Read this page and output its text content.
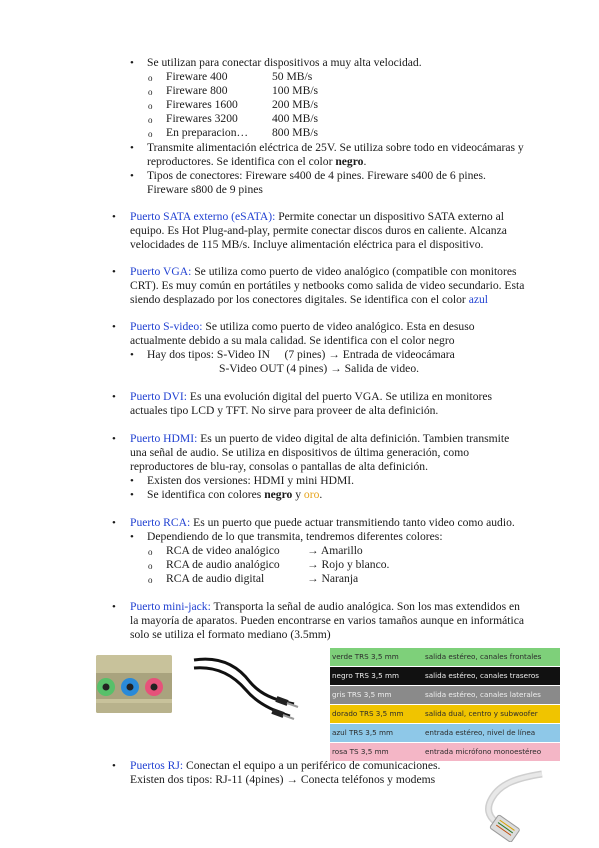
• Se utilizan para conectar dispositivos a muy alta velocidad.
o Fireware 400	50 MB/s
o Fireware 800	100 MB/s
o Firewares 1600	200 MB/s
o Firewares 3200	400 MB/s
o En preparacion… 800 MB/s
• Transmite alimentación eléctrica de 25V. Se utiliza sobre todo en videocámaras y
reproductores. Se identifica con el color negro.
• Tipos de conectores: Fireware s400 de 4 pines. Fireware s400 de 6 pines.
Fireware s800 de 9 pines
• Puerto SATA externo (eSATA): Permite conectar un dispositivo SATA externo al
equipo. Es Hot Plug-and-play, permite conectar discos duros en caliente. Alcanza
velocidades de 115 MB/s. Incluye alimentación eléctrica para el dispositivo.
• Puerto VGA: Se utiliza como puerto de video analógico (compatible con monitores
CRT). Es muy común en portátiles y netbooks como salida de video secundario. Esta
siendo desplazado por los conectores digitales. Se identifica con el color azul
• Puerto S-video: Se utiliza como puerto de video analógico. Esta en desuso
actualmente debido a su mala calidad. Se identifica con el color negro
• Hay dos tipos: S-Video IN     (7 pines) → Entrada de videocámara
S-Video OUT (4 pines) → Salida de video.
• Puerto DVI: Es una evolución digital del puerto VGA. Se utiliza en monitores
actuales tipo LCD y TFT. No sirve para proveer de alta definición.
• Puerto HDMI: Es un puerto de video digital de alta definición. Tambien transmite
una señal de audio. Se utiliza en dispositivos de última generación, como
reproductores de blu-ray, consolas o pantallas de alta definición.
• Existen dos versiones: HDMI y mini HDMI.
• Se identifica con colores negro y oro.
• Puerto RCA: Es un puerto que puede actuar transmitiendo tanto video como audio.
• Dependiendo de lo que transmita, tendremos diferentes colores:
o RCA de video analógico → Amarillo
o RCA de audio analógico → Rojo y blanco.
o RCA de audio digital	→ Naranja
• Puerto mini-jack: Transporta la señal de audio analógica. Son los mas extendidos en
la mayoría de aparatos. Pueden encontrarse en varios tamaños aunque en informática
solo se utiliza el formato mediano (3.5mm)
verde TRS 3,5 mm	salida estéreo, canales frontales
negro TRS 3,5 mm	salida estéreo, canales traseros
gris TRS 3,5 mm	salida estéreo, canales laterales
dorado TRS 3,5 mm	salida dual, centro y subwoofer
azul TRS 3,5 mm	entrada estéreo, nivel de línea
rosa TS 3,5 mm	entrada micrófono monoestéreo
• Puertos RJ: Conectan el equipo a un periférico de comunicaciones.
Existen dos tipos: RJ-11 (4pines) → Conecta teléfonos y modems
